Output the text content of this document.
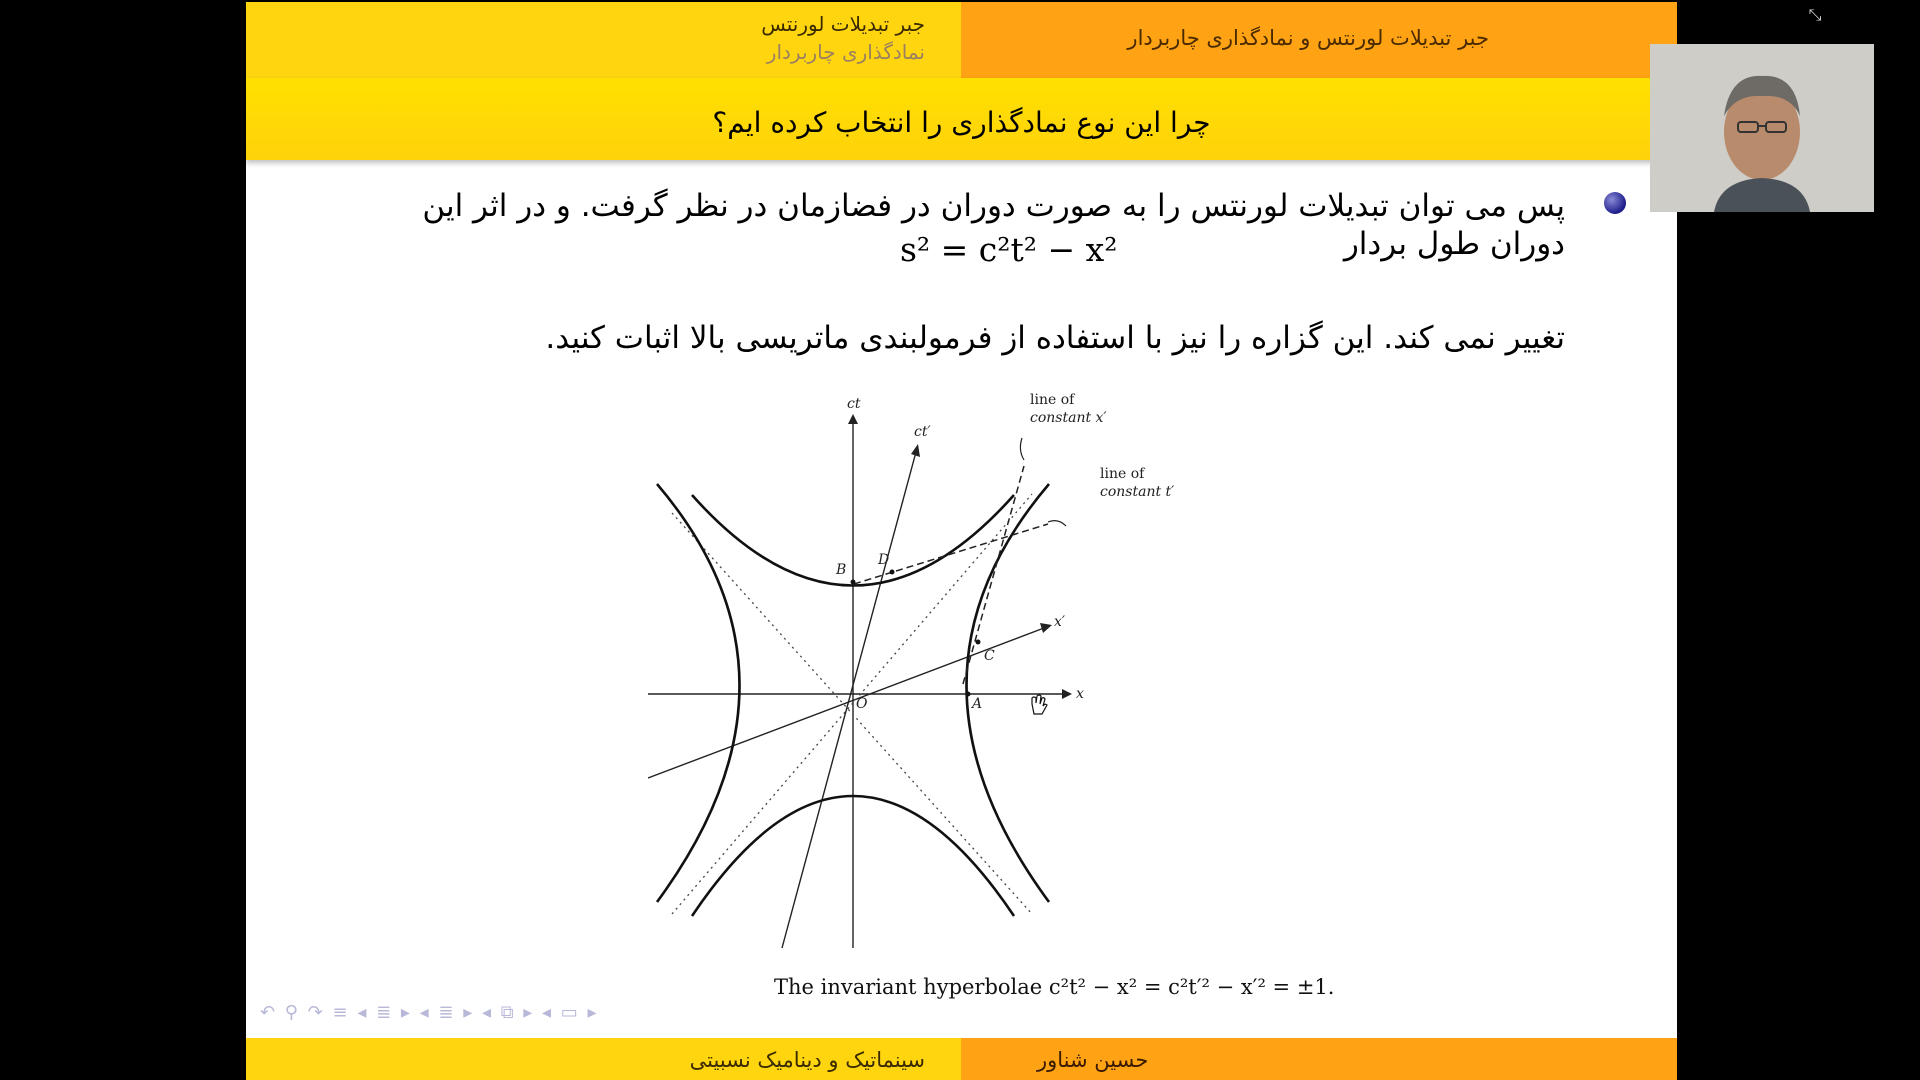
جبر تبدیلات لورنتس
نمادگذاری چاربردار
جبر تبدیلات لورنتس و نمادگذاری چاربردار
چرا این نوع نمادگذاری را انتخاب کرده ایم؟
پس می توان تبدیلات لورنتس را به صورت دوران در فضازمان در نظر گرفت. و در اثر این
دوران طول بردار
s² = c²t² − x²
تغییر نمی کند. این گزاره را نیز با استفاده از فرمولبندی ماتریسی بالا اثبات کنید.
ct
ct′
x
x′
B
D
C
A
O
line of
constant x′
line of
constant t′
The invariant hyperbolae c²t² − x² = c²t′² − x′² = ±1.
↶ ⚲ ↷ ≡ ◂ ≣ ▸ ◂ ≣ ▸ ◂ ⧉ ▸ ◂ ▭ ▸
سینماتیک و دینامیک نسبیتی	حسین شناور
⤡
